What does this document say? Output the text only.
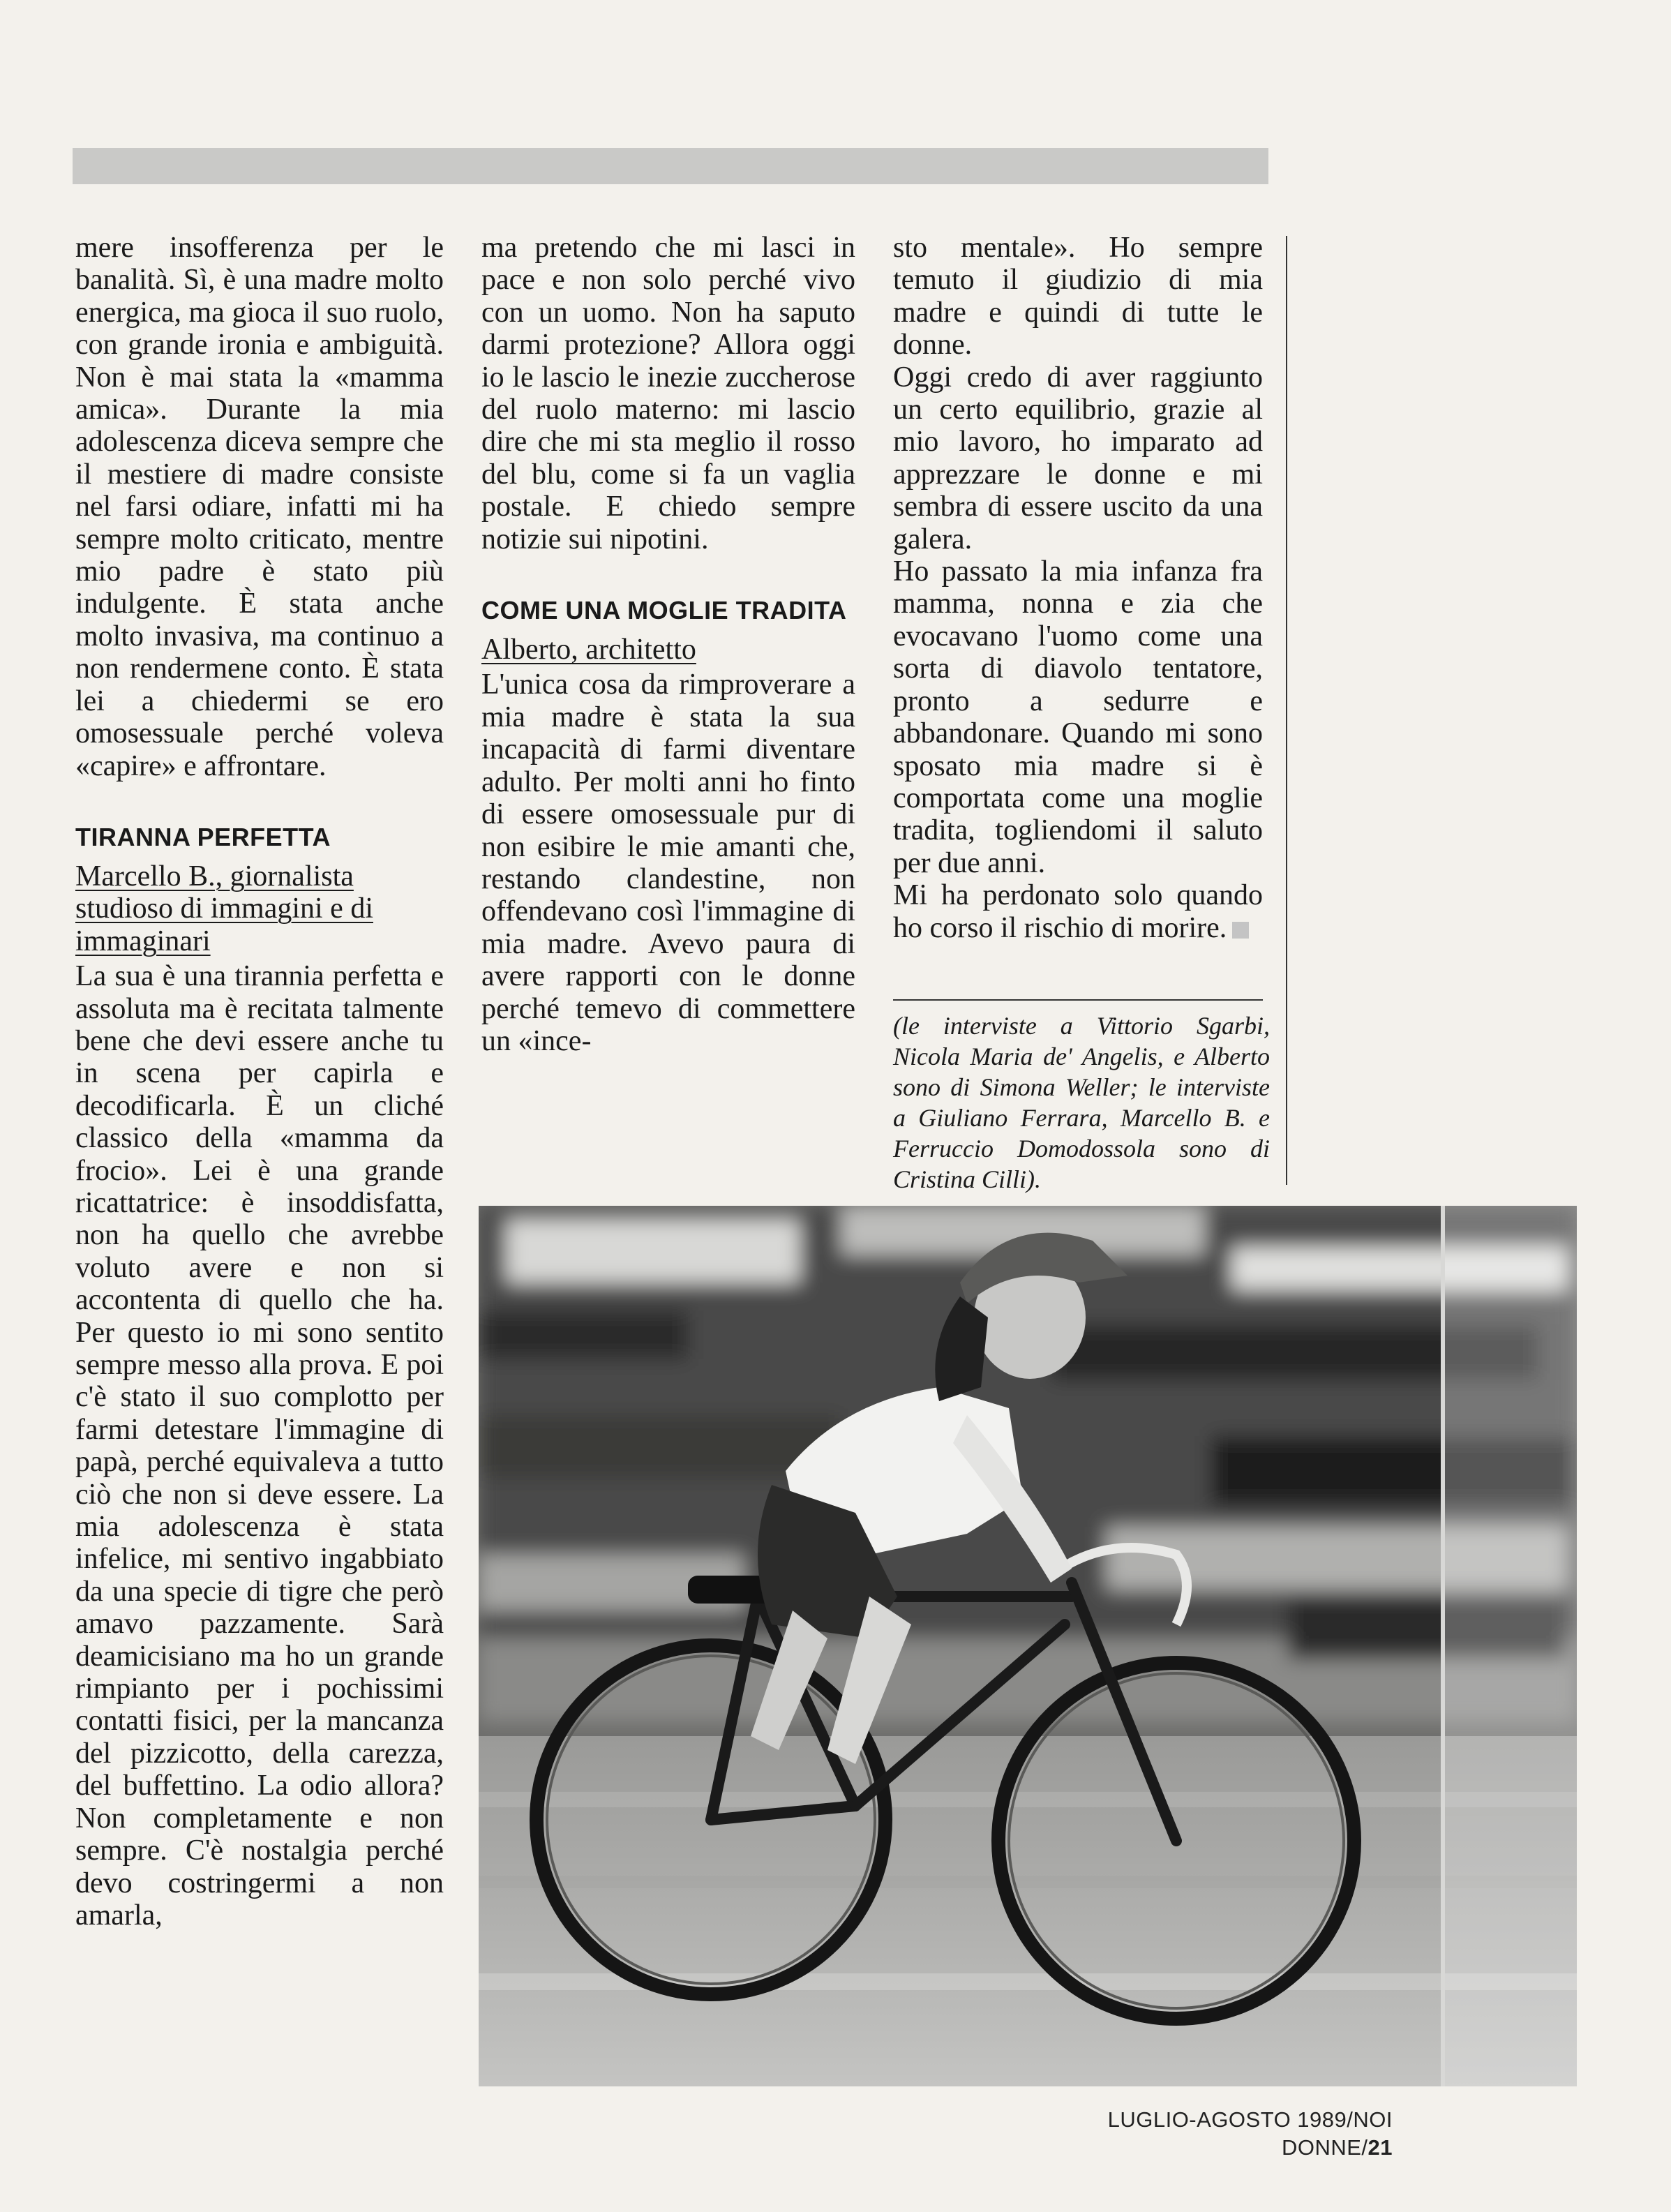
mere insofferenza per le banalità. Sì, è una madre molto energica, ma gioca il suo ruolo, con grande ironia e ambiguità. Non è mai stata la «mamma amica». Durante la mia adolescenza diceva sempre che il mestiere di madre consiste nel farsi odiare, infatti mi ha sempre molto criticato, mentre mio padre è stato più indulgente. È stata anche molto invasiva, ma continuo a non rendermene conto. È stata lei a chiedermi se ero omosessuale perché voleva «capire» e affrontare.

TIRANNA PERFETTA
Marcello B., giornalista studioso di immagini e di immaginari

La sua è una tirannia perfetta e assoluta ma è recitata talmente bene che devi essere anche tu in scena per capirla e decodificarla. È un cliché classico della «mamma da frocio». Lei è una grande ricattatrice: è insoddisfatta, non ha quello che avrebbe voluto avere e non si accontenta di quello che ha. Per questo io mi sono sentito sempre messo alla prova. E poi c'è stato il suo complotto per farmi detestare l'immagine di papà, perché equivaleva a tutto ciò che non si deve essere. La mia adolescenza è stata infelice, mi sentivo ingabbiato da una specie di tigre che però amavo pazzamente. Sarà deamicisiano ma ho un grande rimpianto per i pochissimi contatti fisici, per la mancanza del pizzicotto, della carezza, del buffettino. La odio allora? Non completamente e non sempre. C'è nostalgia perché devo costringermi a non amarla,

ma pretendo che mi lasci in pace e non solo perché vivo con un uomo. Non ha saputo darmi protezione? Allora oggi io le lascio le inezie zuccherose del ruolo materno: mi lascio dire che mi sta meglio il rosso del blu, come si fa un vaglia postale. E chiedo sempre notizie sui nipotini.

COME UNA MOGLIE TRADITA
Alberto, architetto

L'unica cosa da rimproverare a mia madre è stata la sua incapacità di farmi diventare adulto. Per molti anni ho finto di essere omosessuale pur di non esibire le mie amanti che, restando clandestine, non offendevano così l'immagine di mia madre. Avevo paura di avere rapporti con le donne perché temevo di commettere un «ince-

sto mentale». Ho sempre temuto il giudizio di mia madre e quindi di tutte le donne.

Oggi credo di aver raggiunto un certo equilibrio, grazie al mio lavoro, ho imparato ad apprezzare le donne e mi sembra di essere uscito da una galera.

Ho passato la mia infanza fra mamma, nonna e zia che evocavano l'uomo come una sorta di diavolo tentatore, pronto a sedurre e abbandonare. Quando mi sono sposato mia madre si è comportata come una moglie tradita, togliendomi il saluto per due anni.

Mi ha perdonato solo quando ho corso il rischio di morire.

(le interviste a Vittorio Sgarbi, Nicola Maria de' Angelis, e Alberto sono di Simona Weller; le interviste a Giuliano Ferrara, Marcello B. e Ferruccio Domodossola sono di Cristina Cilli).

LUGLIO-AGOSTO 1989/NOI DONNE/21
